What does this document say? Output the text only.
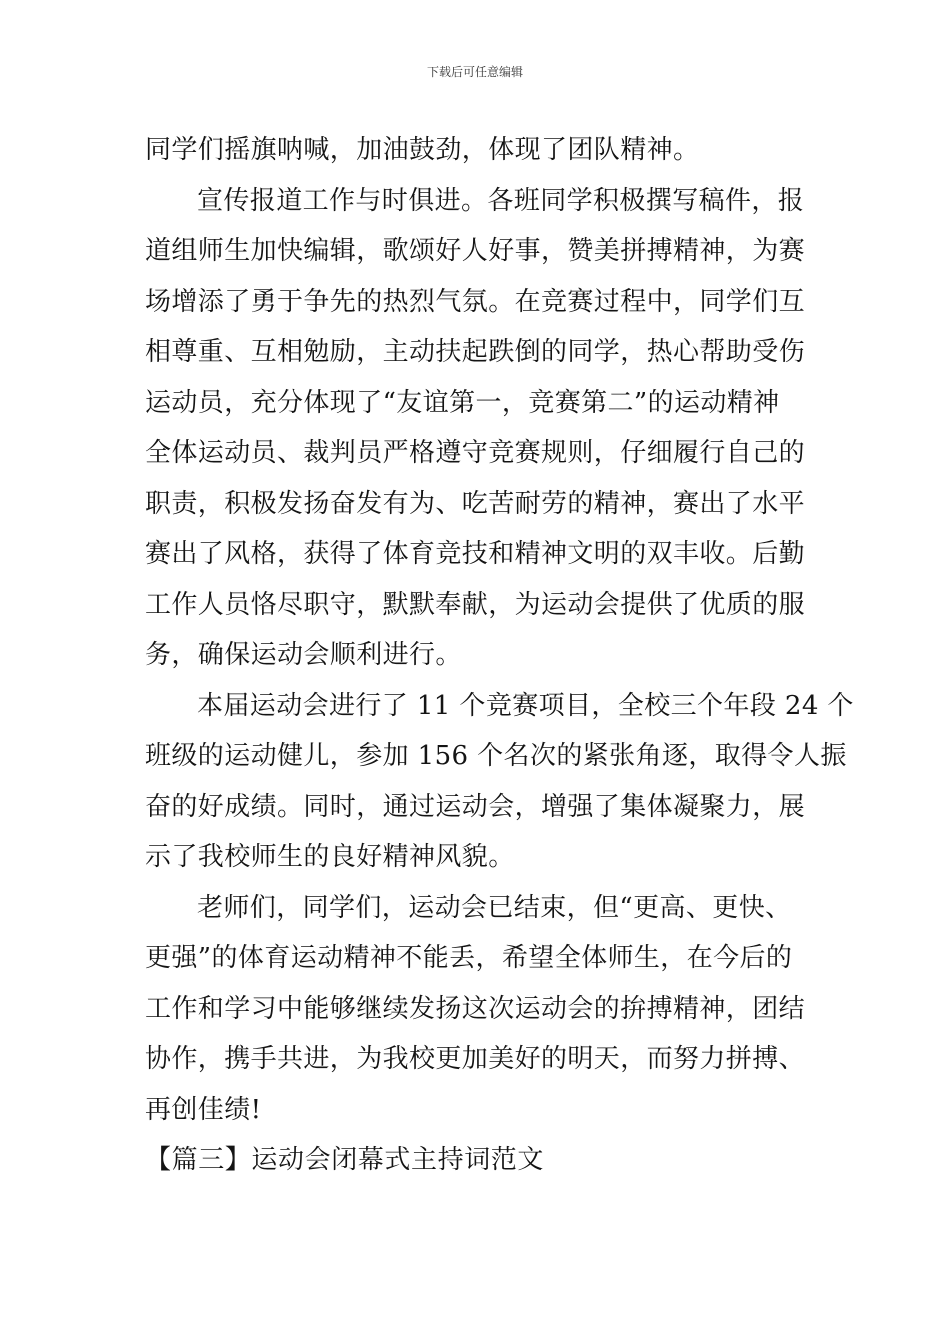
下载后可任意编辑
同学们摇旗呐喊，加油鼓劲，体现了团队精神。
宣传报道工作与时俱进。各班同学积极撰写稿件，报
道组师生加快编辑，歌颂好人好事，赞美拼搏精神，为赛
场增添了勇于争先的热烈气氛。在竞赛过程中，同学们互
相尊重、互相勉励，主动扶起跌倒的同学，热心帮助受伤
运动员，充分体现了“友谊第一，竞赛第二”的运动精神
全体运动员、裁判员严格遵守竞赛规则，仔细履行自己的
职责，积极发扬奋发有为、吃苦耐劳的精神，赛出了水平
赛出了风格，获得了体育竞技和精神文明的双丰收。后勤
工作人员恪尽职守，默默奉献，为运动会提供了优质的服
务，确保运动会顺利进行。
本届运动会进行了 11 个竞赛项目，全校三个年段 24 个
班级的运动健儿，参加 156 个名次的紧张角逐，取得令人振
奋的好成绩。同时，通过运动会，增强了集体凝聚力，展
示了我校师生的良好精神风貌。
老师们，同学们，运动会已结束，但“更高、更快、
更强”的体育运动精神不能丢，希望全体师生，在今后的
工作和学习中能够继续发扬这次运动会的拚搏精神，团结
协作，携手共进，为我校更加美好的明天，而努力拼搏、
再创佳绩!
【篇三】运动会闭幕式主持词范文
